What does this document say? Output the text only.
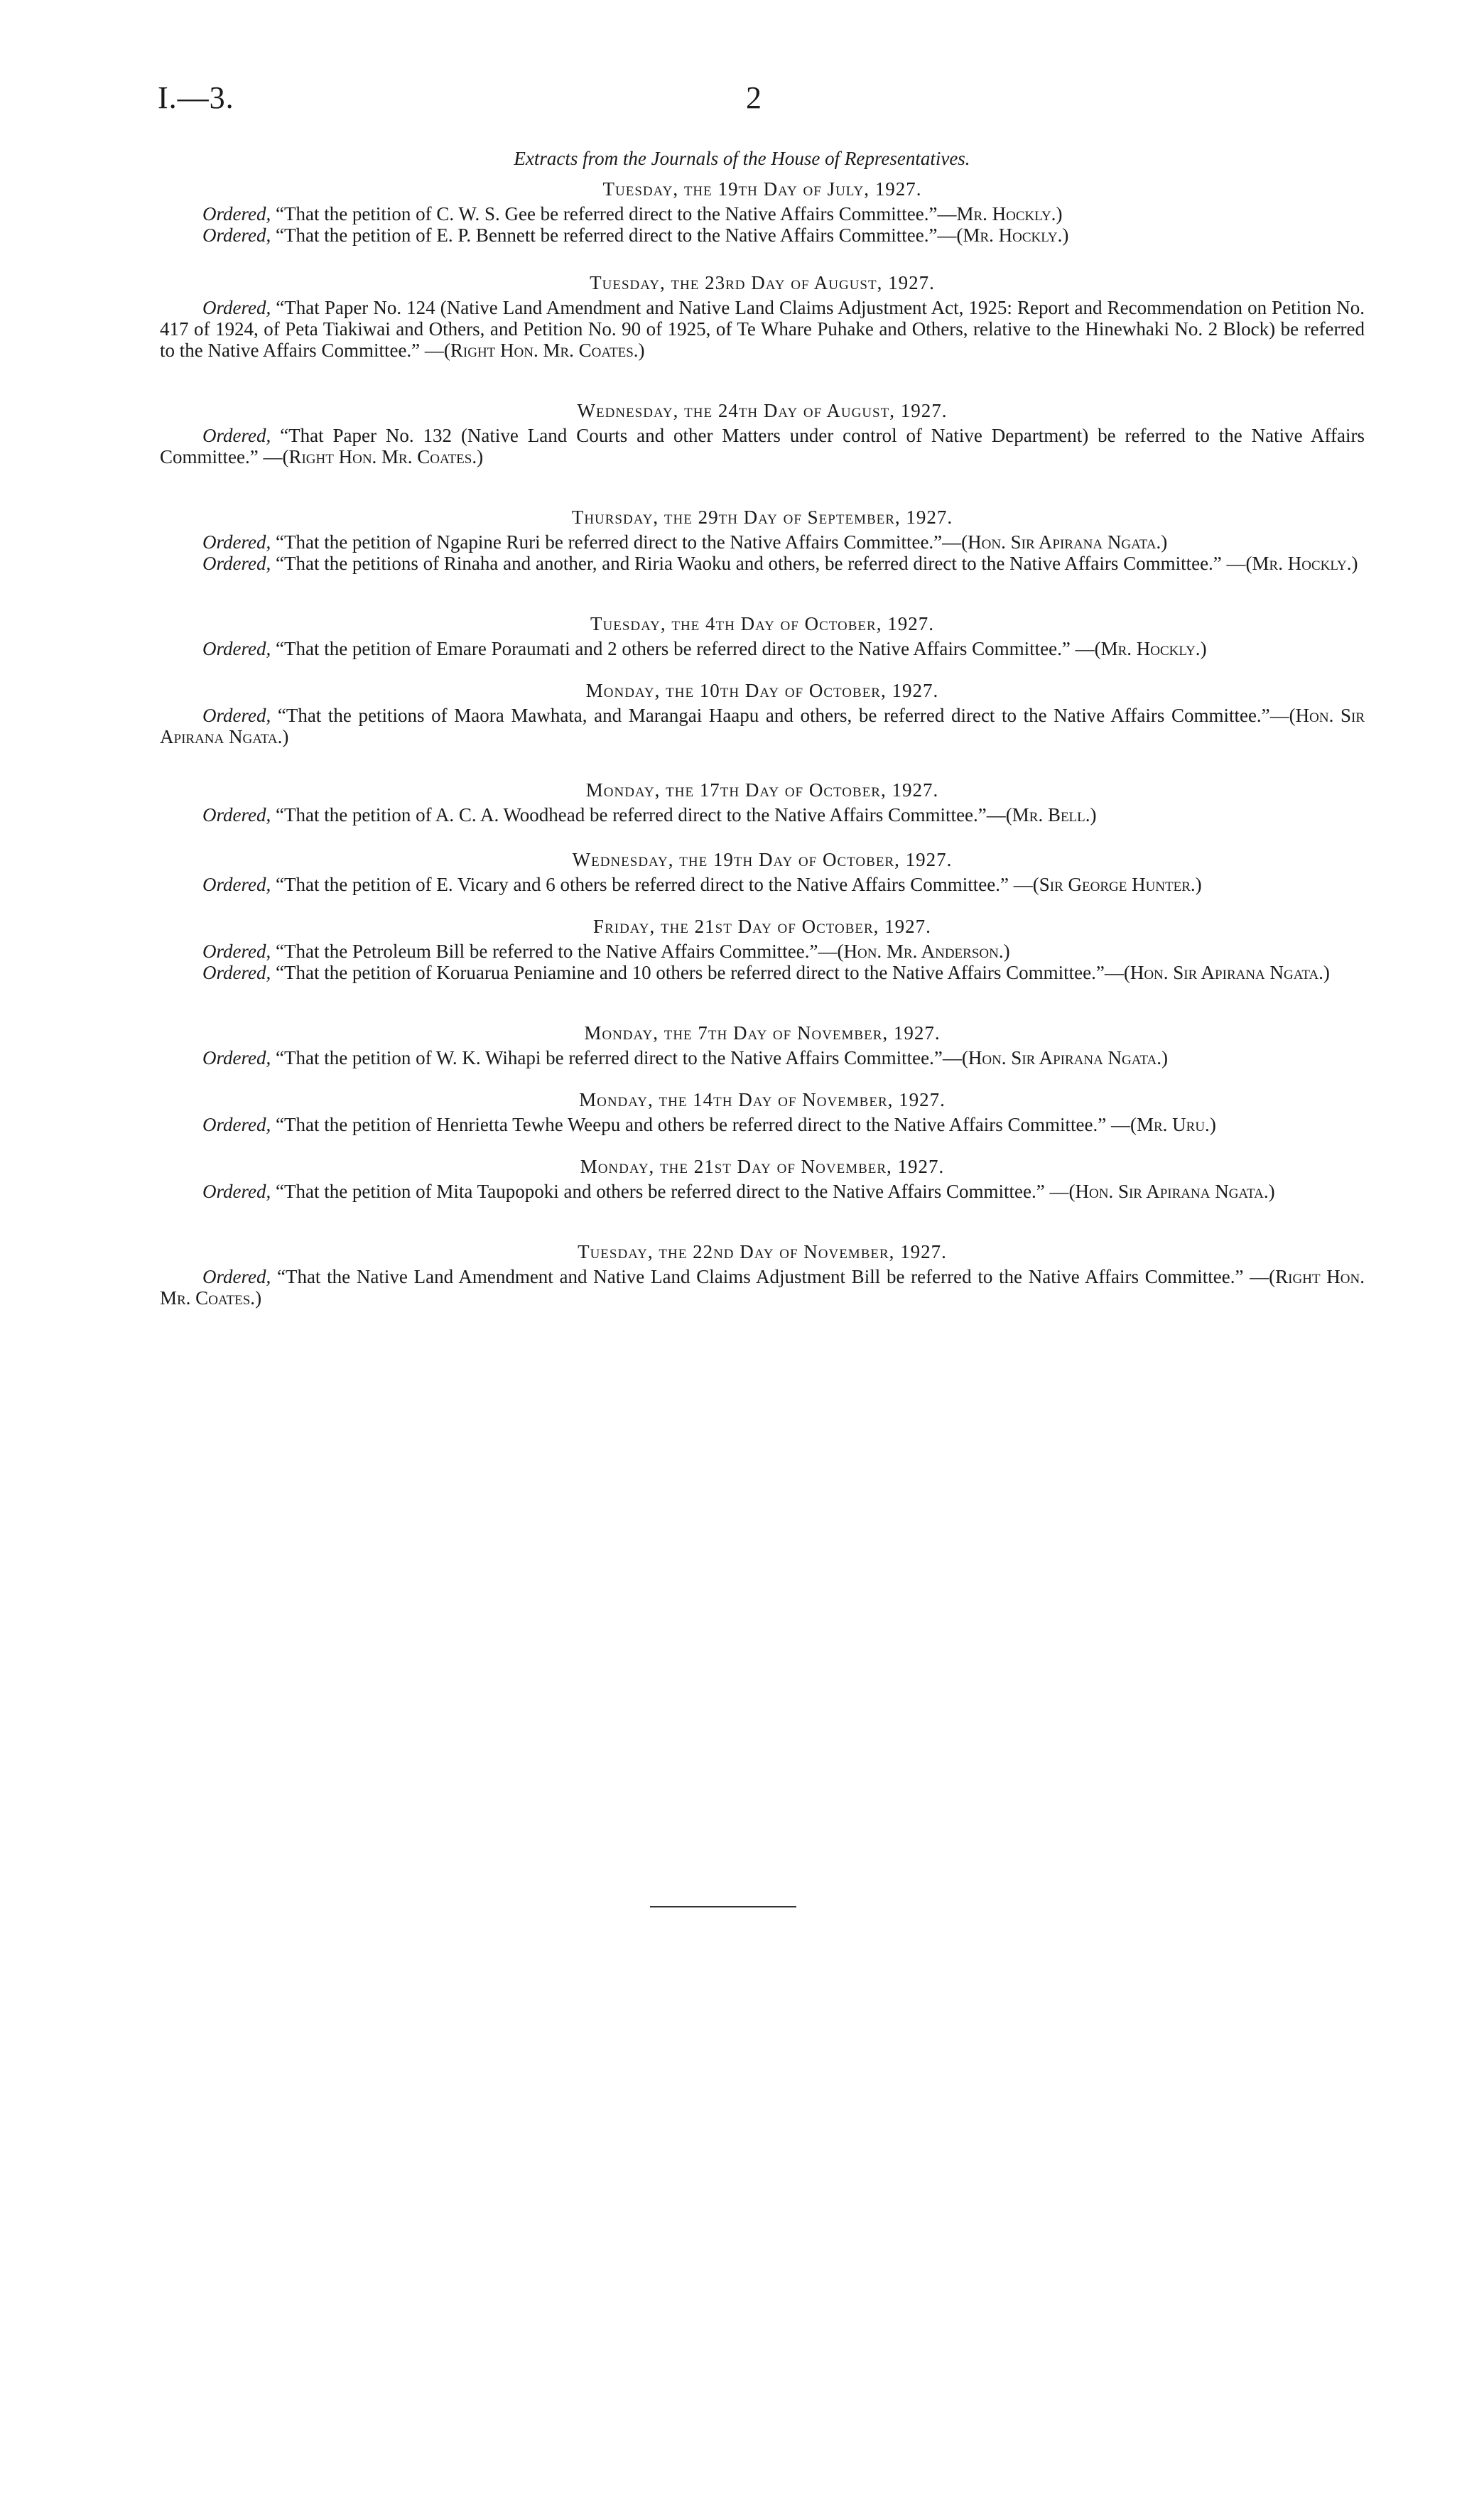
I.—3.	2
Extracts from the Journals of the House of Representatives.
Tuesday, the 19th Day of July, 1927.

Ordered, “That the petition of C. W. S. Gee be referred direct to the Native Affairs Committee.”—Mr. Hockly.)

Ordered, “That the petition of E. P. Bennett be referred direct to the Native Affairs Committee.”—(Mr. Hockly.)

Tuesday, the 23rd Day of August, 1927.

Ordered, “That Paper No. 124 (Native Land Amendment and Native Land Claims Adjustment Act, 1925: Report and Recommendation on Petition No. 417 of 1924, of Peta Tiakiwai and Others, and Petition No. 90 of 1925, of Te Whare Puhake and Others, relative to the Hinewhaki No. 2 Block) be referred to the Native Affairs Committee.” —(Right Hon. Mr. Coates.)

Wednesday, the 24th Day of August, 1927.

Ordered, “That Paper No. 132 (Native Land Courts and other Matters under control of Native Department) be referred to the Native Affairs Committee.” —(Right Hon. Mr. Coates.)

Thursday, the 29th Day of September, 1927.

Ordered, “That the petition of Ngapine Ruri be referred direct to the Native Affairs Committee.”—(Hon. Sir Apirana Ngata.)

Ordered, “That the petitions of Rinaha and another, and Riria Waoku and others, be referred direct to the Native Affairs Committee.” —(Mr. Hockly.)

Tuesday, the 4th Day of October, 1927.

Ordered, “That the petition of Emare Poraumati and 2 others be referred direct to the Native Affairs Committee.” —(Mr. Hockly.)

Monday, the 10th Day of October, 1927.

Ordered, “That the petitions of Maora Mawhata, and Marangai Haapu and others, be referred direct to the Native Affairs Committee.”—(Hon. Sir Apirana Ngata.)

Monday, the 17th Day of October, 1927.

Ordered, “That the petition of A. C. A. Woodhead be referred direct to the Native Affairs Committee.”—(Mr. Bell.)

Wednesday, the 19th Day of October, 1927.

Ordered, “That the petition of E. Vicary and 6 others be referred direct to the Native Affairs Committee.” —(Sir George Hunter.)

Friday, the 21st Day of October, 1927.

Ordered, “That the Petroleum Bill be referred to the Native Affairs Committee.”—(Hon. Mr. Anderson.)

Ordered, “That the petition of Koruarua Peniamine and 10 others be referred direct to the Native Affairs Committee.”—(Hon. Sir Apirana Ngata.)

Monday, the 7th Day of November, 1927.

Ordered, “That the petition of W. K. Wihapi be referred direct to the Native Affairs Committee.”—(Hon. Sir Apirana Ngata.)

Monday, the 14th Day of November, 1927.

Ordered, “That the petition of Henrietta Tewhe Weepu and others be referred direct to the Native Affairs Committee.” —(Mr. Uru.)

Monday, the 21st Day of November, 1927.

Ordered, “That the petition of Mita Taupopoki and others be referred direct to the Native Affairs Committee.” —(Hon. Sir Apirana Ngata.)

Tuesday, the 22nd Day of November, 1927.

Ordered, “That the Native Land Amendment and Native Land Claims Adjustment Bill be referred to the Native Affairs Committee.” —(Right Hon. Mr. Coates.)
